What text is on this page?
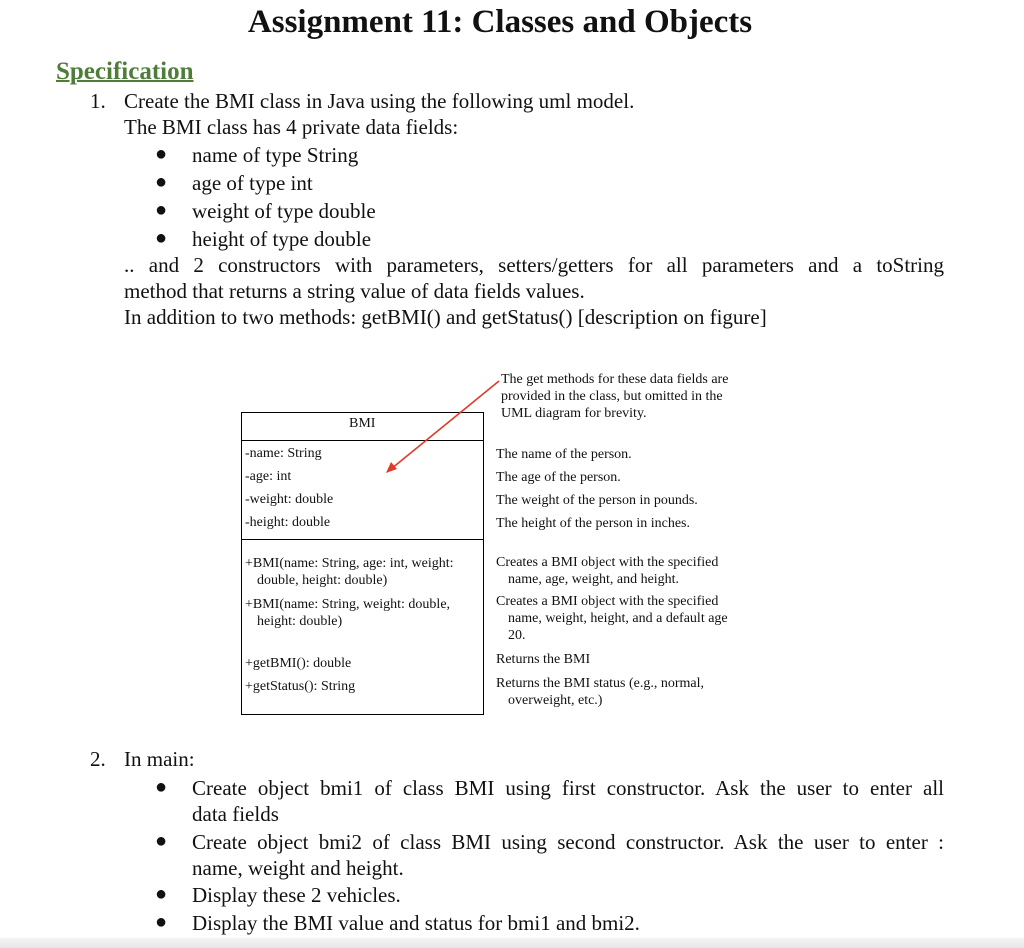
Assignment 11: Classes and Objects
Specification
1. Create the BMI class in Java using the following uml model.
The BMI class has 4 private data fields:
● name of type String
● age of type int
● weight of type double
● height of type double
.. and 2 constructors with parameters, setters/getters for all parameters and a toString
method that returns a string value of data fields values.
In addition to two methods: getBMI() and getStatus() [description on figure]
BMI
-name: String
-age: int
-weight: double
-height: double
+BMI(name: String, age: int, weight:
double, height: double)
+BMI(name: String, weight: double,
height: double)
+getBMI(): double
+getStatus(): String
The get methods for these data fields are
provided in the class, but omitted in the
UML diagram for brevity.
The name of the person.
The age of the person.
The weight of the person in pounds.
The height of the person in inches.
Creates a BMI object with the specified
name, age, weight, and height.
Creates a BMI object with the specified
name, weight, height, and a default age
20.
Returns the BMI
Returns the BMI status (e.g., normal,
overweight, etc.)
2. In main:
● Create object bmi1 of class BMI using first constructor. Ask the user to enter all
data fields
● Create object bmi2 of class BMI using second constructor. Ask the user to enter :
name, weight and height.
● Display these 2 vehicles.
● Display the BMI value and status for bmi1 and bmi2.
